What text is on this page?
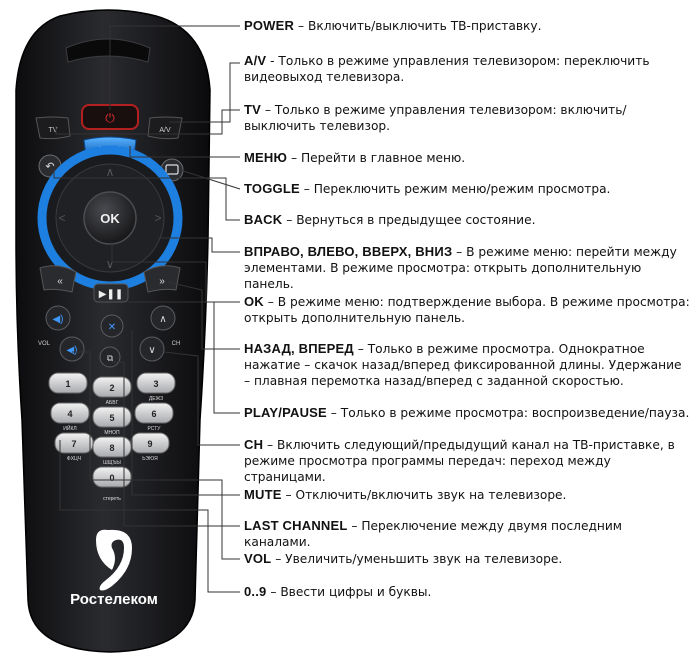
⏻
TV	A/V
↶	∧
∨
<	>
OK
«
▶❚❚
»
◀)
VOL
◀)
✕
⧉
∧
∨
CH
1	2
АБВГ
3
ДЕЖЗ
4
ИЙКЛ
5
МНОП
6
РСТУ
7
ФХЦЧ
8
ШЩЪЫ
9
ЬЭЮЯ
0
стереть
Ростелеком
POWER – Включить/выключить ТВ-приставку.
A/V - Только в режиме управления телевизором: переключить видеовыход телевизора.
TV – Только в режиме управления телевизором: включить/выключить телевизор.
МЕНЮ – Перейти в главное меню.
TOGGLE – Переключить режим меню/режим просмотра.
BACK – Вернуться в предыдущее состояние.
ВПРАВО, ВЛЕВО, ВВЕРХ, ВНИЗ – В режиме меню: перейти между элементами. В режиме просмотра: открыть дополнительную панель.
OK – В режиме меню: подтверждение выбора. В режиме просмотра: открыть дополнительную панель.
НАЗАД, ВПЕРЕД – Только в режиме просмотра. Однократное нажатие – скачок назад/вперед фиксированной длины. Удержание – плавная перемотка назад/вперед с заданной скоростью.
PLAY/PAUSE – Только в режиме просмотра: воспроизведение/пауза.
CH – Включить следующий/предыдущий канал на ТВ-приставке, в режиме просмотра программы передач: переход между страницами.
MUTE – Отключить/включить звук на телевизоре.
LAST CHANNEL – Переключение между двумя последним каналами.
VOL – Увеличить/уменьшить звук на телевизоре.
0..9 – Ввести цифры и буквы.
